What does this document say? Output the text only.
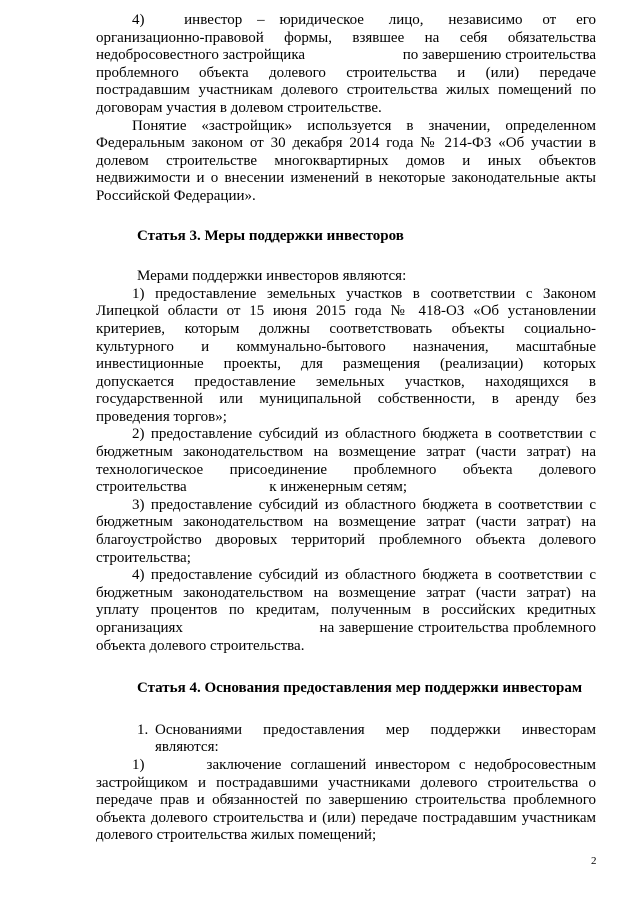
4)        инвестор   –   юридическое     лицо,     независимо    от    его
организационно-правовой формы, взявшее на себя обязательства
недобросовестного застройщика                         по завершению строительства
проблемного объекта долевого строительства и (или) передаче
пострадавшим участникам долевого строительства жилых помещений по
договорам участия в долевом строительстве.
Понятие «застройщик» используется в значении, определенном
Федеральным законом от 30 декабря 2014 года № 214-ФЗ «Об участии в
долевом строительстве многоквартирных домов и иных объектов
недвижимости и о внесении изменений в некоторые законодательные акты
Российской Федерации».
Статья 3. Меры поддержки инвесторов
Мерами поддержки инвесторов являются:
1) предоставление земельных участков в соответствии с Законом
Липецкой области от 15 июня 2015 года № 418-ОЗ «Об установлении
критериев, которым должны соответствовать объекты социально-
культурного и коммунально-бытового назначения, масштабные
инвестиционные проекты, для размещения (реализации) которых
допускается предоставление земельных участков, находящихся в
государственной или муниципальной собственности, в аренду без
проведения торгов»;
2) предоставление субсидий из областного бюджета в соответствии с
бюджетным законодательством на возмещение затрат (части затрат) на
технологическое присоединение проблемного объекта долевого
строительства                      к инженерным сетям;
3) предоставление субсидий из областного бюджета в соответствии с
бюджетным законодательством на возмещение затрат (части затрат) на
благоустройство дворовых территорий проблемного объекта долевого
строительства;
4) предоставление субсидий из областного бюджета в соответствии с
бюджетным законодательством на возмещение затрат (части затрат) на
уплату процентов по кредитам, полученным в российских кредитных
организациях                              на завершение строительства проблемного
объекта долевого строительства.
Статья 4. Основания предоставления мер поддержки инвесторам
1. Основаниями предоставления мер поддержки инвесторам
являются:
1)       заключение соглашений инвестором с недобросовестным
застройщиком и пострадавшими участниками долевого строительства о
передаче прав и обязанностей по завершению строительства проблемного
объекта долевого строительства и (или) передаче пострадавшим участникам
долевого строительства жилых помещений;
2
